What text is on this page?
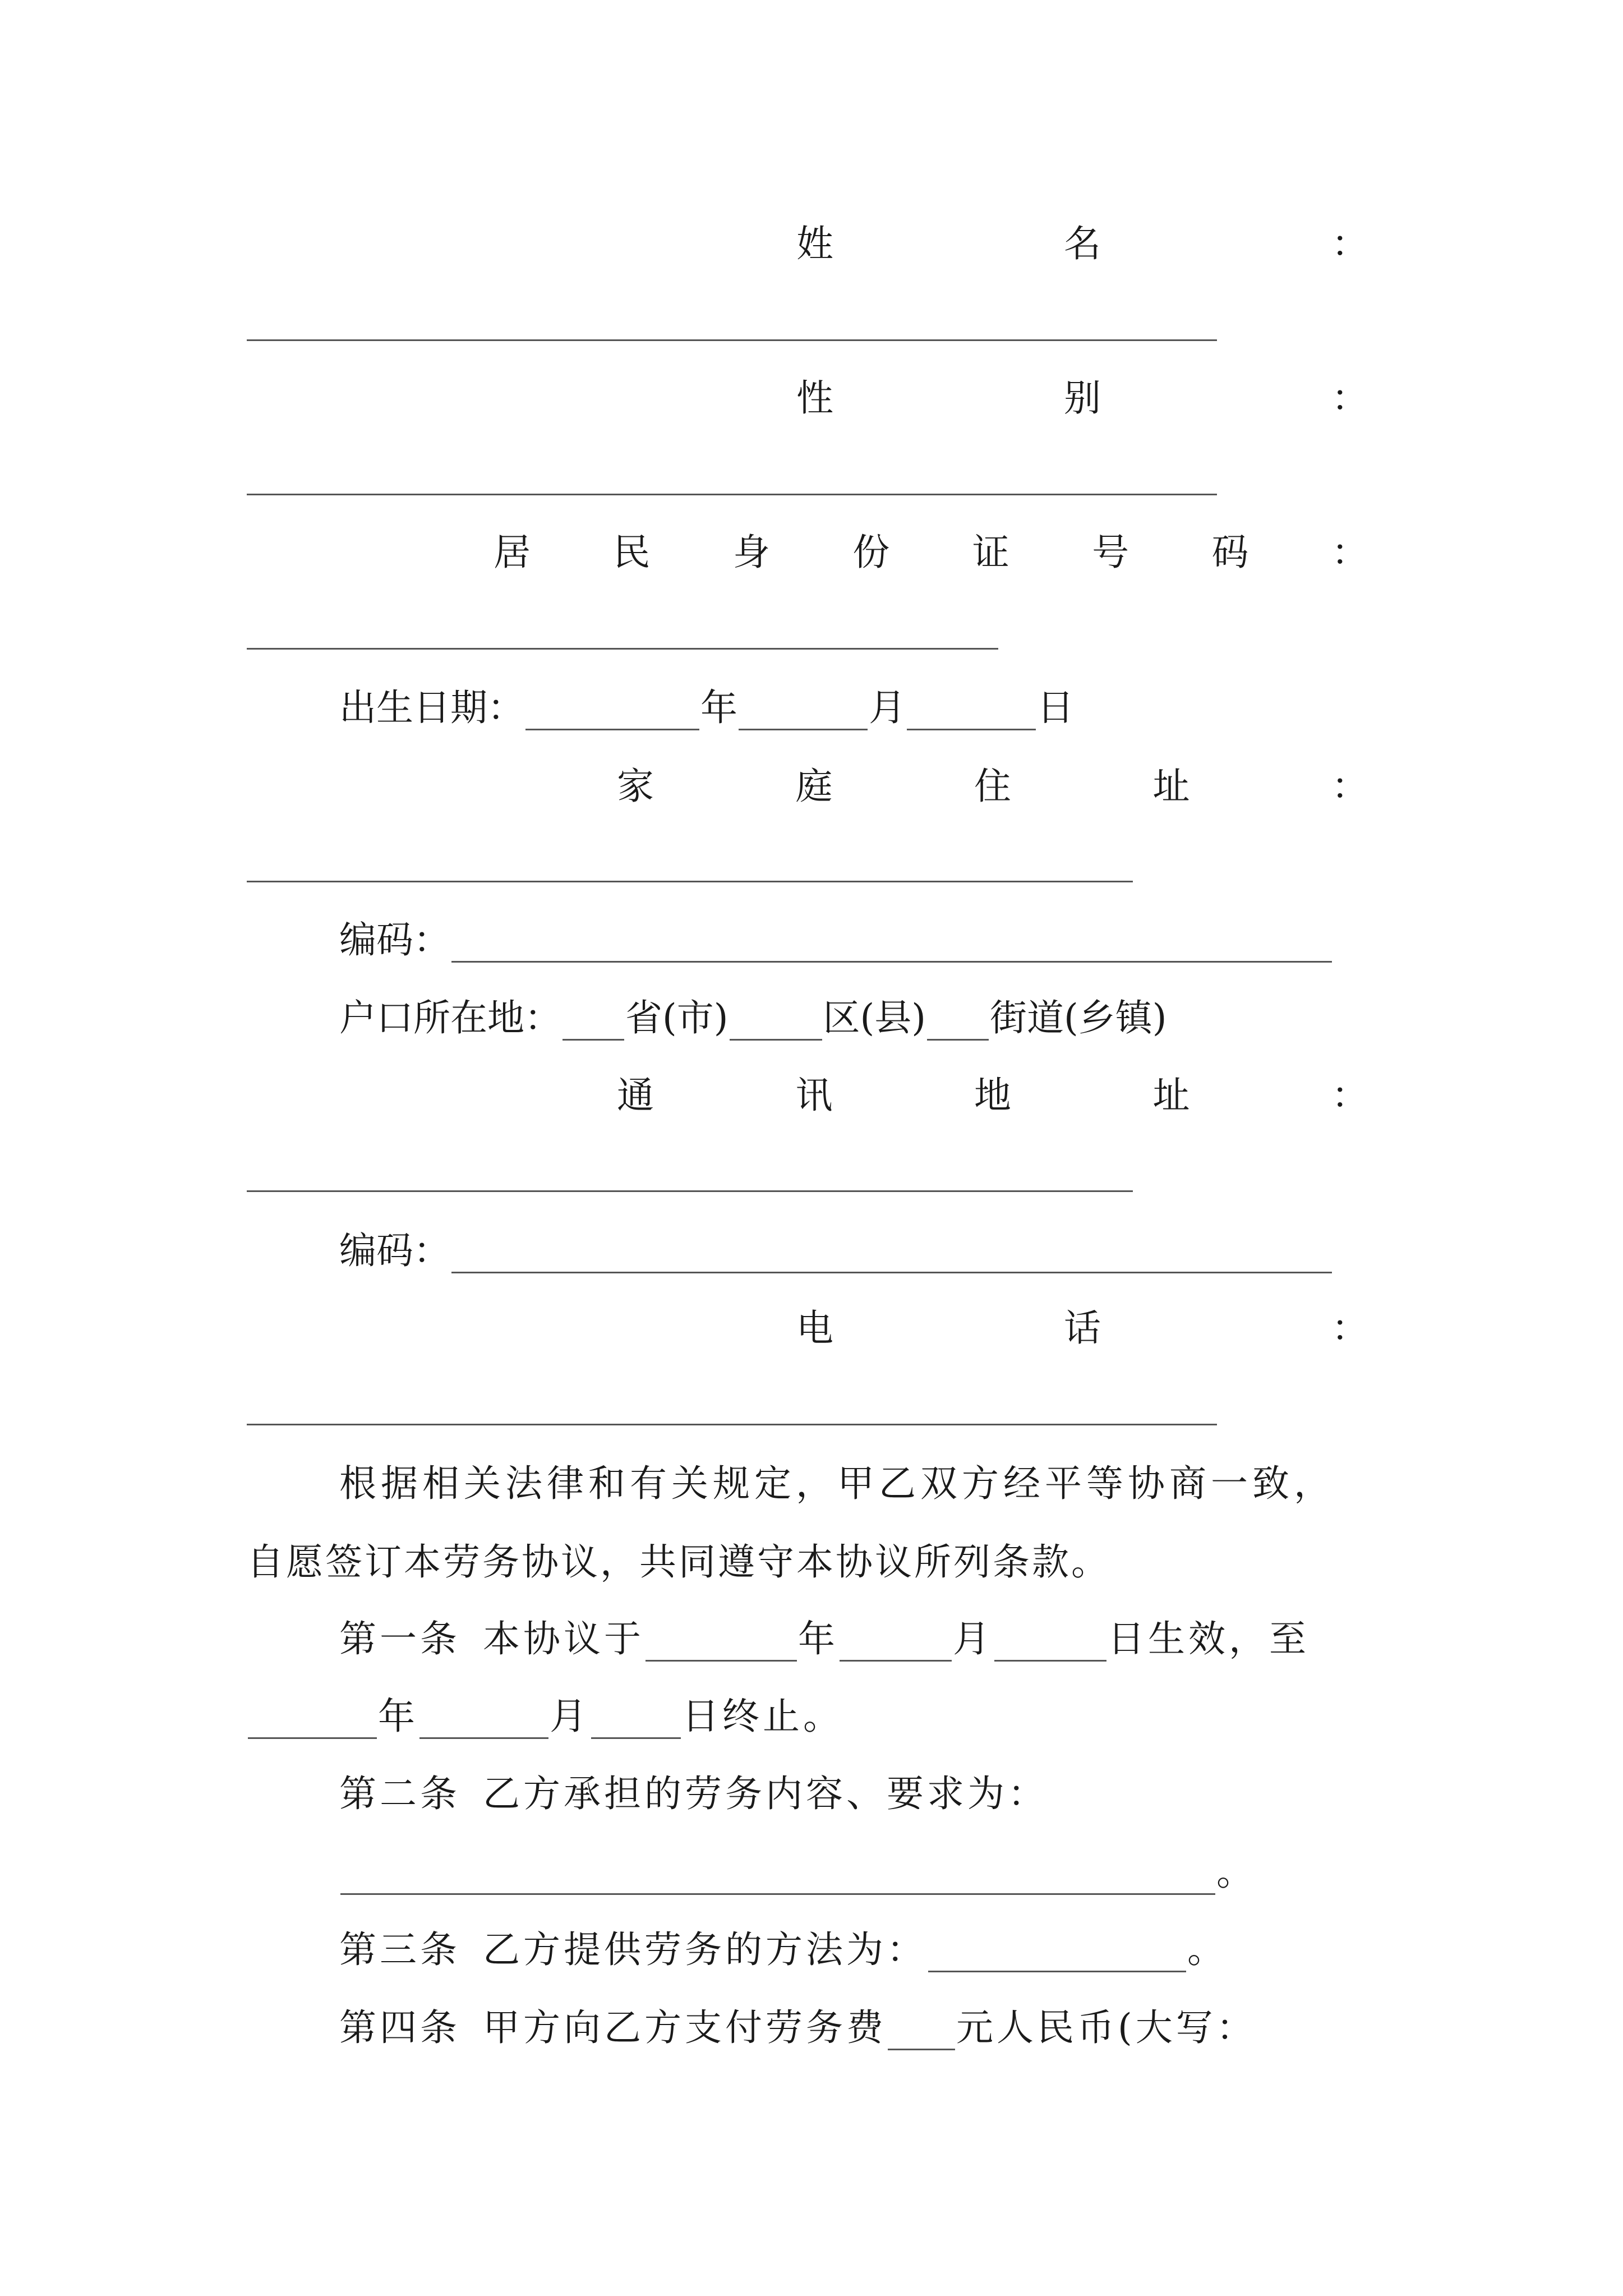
姓	名	：
性	别	：
居 民 身 份 证 号 码 ：
出生日期：	年	月	日
家	庭	住	址	：
编码：
户口所在地： 省(市)	区(县) 街道(乡镇)
通	讯	地	址	：
编码：
电	话	：
根据相关法律和有关规定，甲乙双方经平等协商一致，
自愿签订本劳务协议，共同遵守本协议所列条款。
第一条 本协议于	年	月	日生效，至
年	月 日终止。
第二条 乙方承担的劳务内容、要求为：
。
第三条 乙方提供劳务的方法为：	。
第四条 甲方向乙方支付劳务费 元人民币(大写：
